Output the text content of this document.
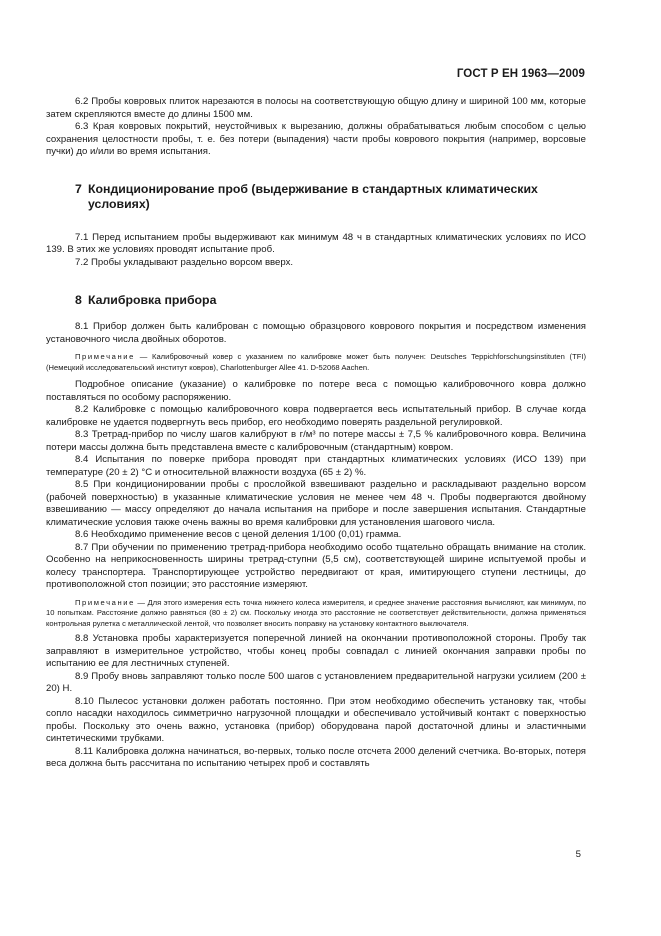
ГОСТ Р ЕН 1963—2009

6.2 Пробы ковровых плиток нарезаются в полосы на соответствующую общую длину и шириной 100 мм, которые затем скрепляются вместе до длины 1500 мм.

6.3 Края ковровых покрытий, неустойчивых к вырезанию, должны обрабатываться любым способом с целью сохранения целостности пробы, т. е. без потери (выпадения) части пробы коврового покрытия (например, ворсовые пучки) до и/или во время испытания.

7 Кондиционирование проб (выдерживание в стандартных климатических
условиях)

7.1 Перед испытанием пробы выдерживают как минимум 48 ч в стандартных климатических условиях по ИСО 139. В этих же условиях проводят испытание проб.

7.2 Пробы укладывают раздельно ворсом вверх.

8 Калибровка прибора

8.1 Прибор должен быть калиброван с помощью образцового коврового покрытия и посредством изменения установочного числа двойных оборотов.

Примечание — Калибровочный ковер с указанием по калибровке может быть получен: Deutsches Teppichforschungsinstituten (TFI) (Немецкий исследовательский институт ковров), Charlottenburger Allee 41. D-52068 Aachen.

Подробное описание (указание) о калибровке по потере веса с помощью калибровочного ковра должно поставляться по особому распоряжению.

8.2 Калибровке с помощью калибровочного ковра подвергается весь испытательный прибор. В случае когда калибровке не удается подвергнуть весь прибор, его необходимо поверять раздельной регулировкой.

8.3 Третрад-прибор по числу шагов калибруют в г/м³ по потере массы ± 7,5 % калибровочного ковра. Величина потери массы должна быть представлена вместе с калибровочным (стандартным) ковром.

8.4 Испытания по поверке прибора проводят при стандартных климатических условиях (ИСО 139) при температуре (20 ± 2) °С и относительной влажности воздуха (65 ± 2) %.

8.5 При кондиционировании пробы с прослойкой взвешивают раздельно и раскладывают раздельно ворсом (рабочей поверхностью) в указанные климатические условия не менее чем 48 ч. Пробы подвергаются двойному взвешиванию — массу определяют до начала испытания на приборе и после завершения испытания. Стандартные климатические условия также очень важны во время калибровки для установления шагового числа.

8.6 Необходимо применение весов с ценой деления 1/100 (0,01) грамма.

8.7 При обучении по применению третрад-прибора необходимо особо тщательно обращать внимание на столик. Особенно на неприкосновенность ширины третрад-ступни (5,5 см), соответствующей ширине испытуемой пробы и колесу транспортера. Транспортирующее устройство передвигают от края, имитирующего ступени лестницы, до противоположной стоп позиции; это расстояние измеряют.

Примечание — Для этого измерения есть точка нижнего колеса измерителя, и среднее значение расстояния вычисляют, как минимум, по 10 попыткам. Расстояние должно равняться (80 ± 2) см. Поскольку иногда это расстояние не соответствует действительности, должна применяться контрольная рулетка с металлической лентой, что позволяет вносить поправку на установку контактного выключателя.

8.8 Установка пробы характеризуется поперечной линией на окончании противоположной стороны. Пробу так заправляют в измерительное устройство, чтобы конец пробы совпадал с линией окончания заправки пробы по испытанию ее для лестничных ступеней.

8.9 Пробу вновь заправляют только после 500 шагов с установлением предварительной нагрузки усилием (200 ± 20) Н.

8.10 Пылесос установки должен работать постоянно. При этом необходимо обеспечить установку так, чтобы сопло насадки находилось симметрично нагрузочной площадки и обеспечивало устойчивый контакт с поверхностью пробы. Поскольку это очень важно, установка (прибор) оборудована парой достаточной длины и эластичными синтетическими трубками.

8.11 Калибровка должна начинаться, во-первых, только после отсчета 2000 делений счетчика. Во-вторых, потеря веса должна быть рассчитана по испытанию четырех проб и составлять

5
